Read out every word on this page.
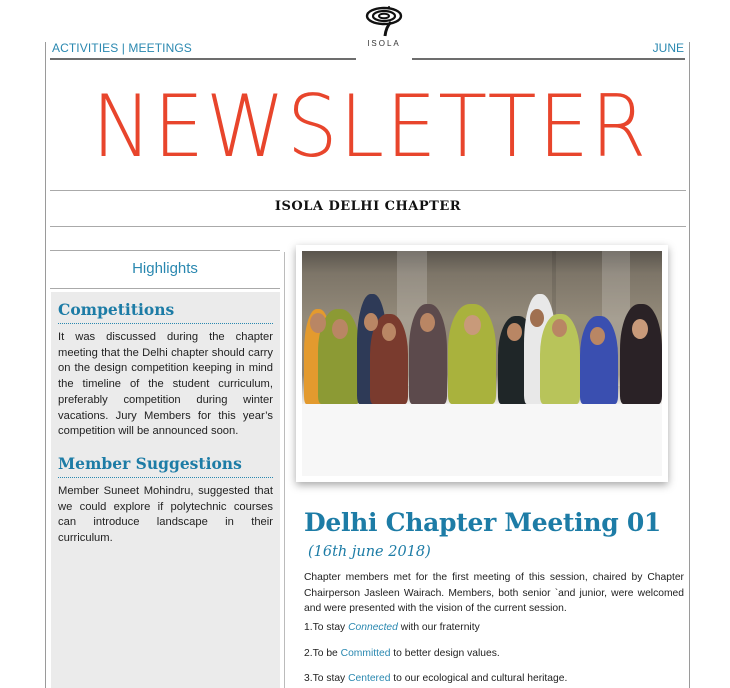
ACTIVITIES | MEETINGS	JUNE
ISOLA
NEWSLETTER
ISOLA DELHI CHAPTER
Highlights
Competitions
It was discussed during the chapter meeting that the Delhi chapter should carry on the design competition keeping in mind the timeline of the student curriculum, preferably competition during winter vacations. Jury Members for this year’s competition will be announced soon.
Member Suggestions
Member Suneet Mohindru, suggested that we could explore if polytechnic courses can introduce landscape in their curriculum.
Delhi Chapter Meeting 01
(16th june 2018)
Chapter members met for the first meeting of this session, chaired by Chapter Chairperson Jasleen Wairach. Members, both senior `and junior, were welcomed and were presented with the vision of the current session.
1.To stay Connected with our fraternity
2.To be Committed to better design values.
3.To stay Centered to our ecological and cultural heritage.
